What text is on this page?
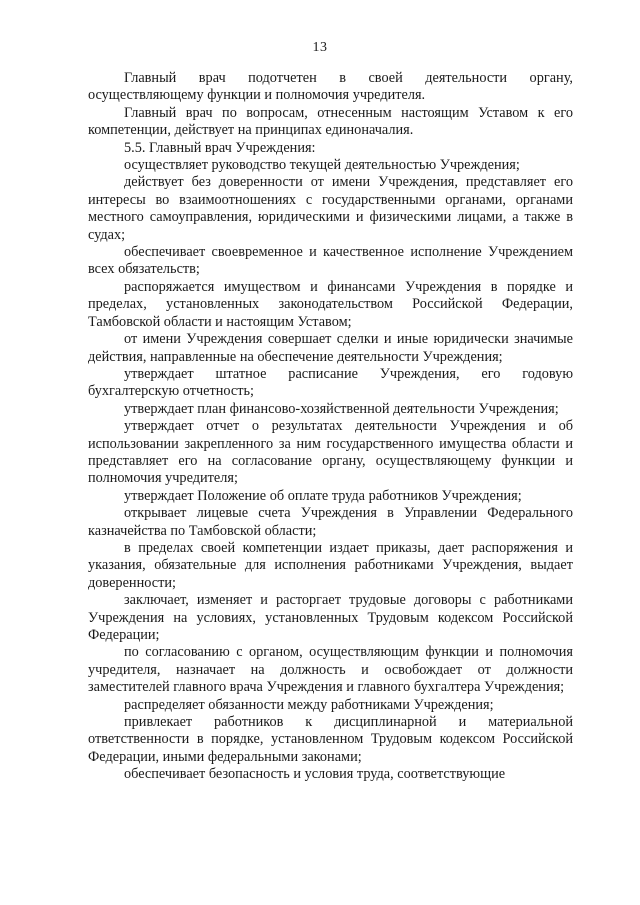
13

Главный врач подотчетен в своей деятельности органу, осуществляющему функции и полномочия учредителя.

Главный врач по вопросам, отнесенным настоящим Уставом к его компетенции, действует на принципах единоначалия.

5.5. Главный врач Учреждения:

осуществляет руководство текущей деятельностью Учреждения;

действует без доверенности от имени Учреждения, представляет его интересы во взаимоотношениях с государственными органами, органами местного самоуправления, юридическими и физическими лицами, а также в судах;

обеспечивает своевременное и качественное исполнение Учреждением всех обязательств;

распоряжается имуществом и финансами Учреждения в порядке и пределах, установленных законодательством Российской Федерации, Тамбовской области и настоящим Уставом;

от имени Учреждения совершает сделки и иные юридически значимые действия, направленные на обеспечение деятельности Учреждения;

утверждает штатное расписание Учреждения, его годовую бухгалтерскую отчетность;

утверждает план финансово-хозяйственной деятельности Учреждения;

утверждает отчет о результатах деятельности Учреждения и об использовании закрепленного за ним государственного имущества области и представляет его на согласование органу, осуществляющему функции и полномочия учредителя;

утверждает Положение об оплате труда работников Учреждения;

открывает лицевые счета Учреждения в Управлении Федерального казначейства по Тамбовской области;

в пределах своей компетенции издает приказы, дает распоряжения и указания, обязательные для исполнения работниками Учреждения, выдает доверенности;

заключает, изменяет и расторгает трудовые договоры с работниками Учреждения на условиях, установленных Трудовым кодексом Российской Федерации;

по согласованию с органом, осуществляющим функции и полномочия учредителя, назначает на должность и освобождает от должности заместителей главного врача Учреждения и главного бухгалтера Учреждения;

распределяет обязанности между работниками Учреждения;

привлекает работников к дисциплинарной и материальной ответственности в порядке, установленном Трудовым кодексом Российской Федерации, иными федеральными законами;

обеспечивает безопасность и условия труда, соответствующие
